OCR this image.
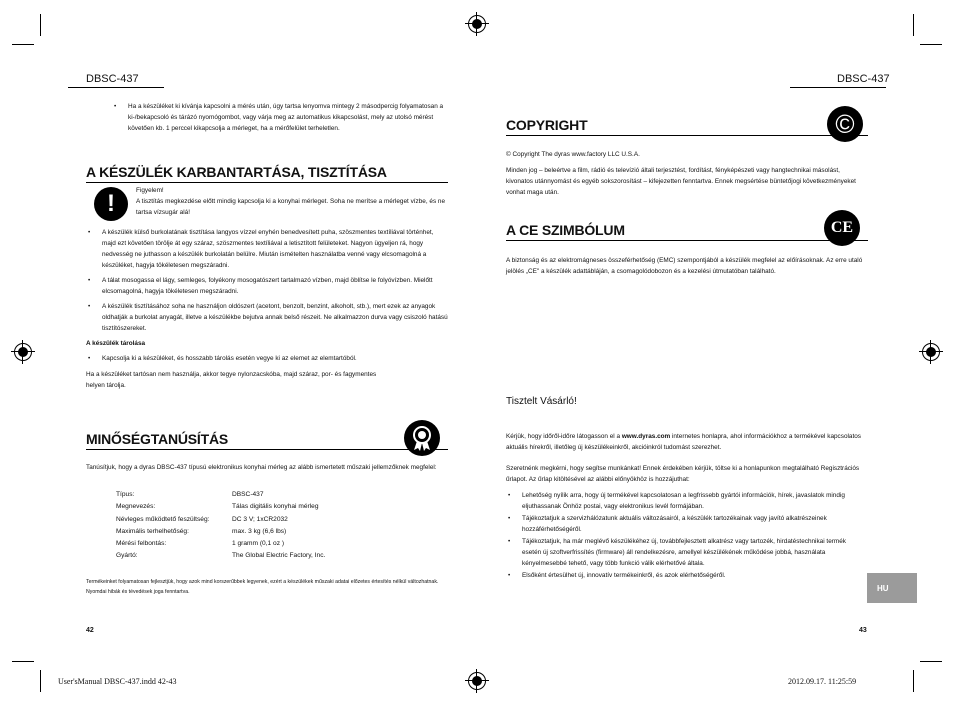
DBSC-437
• Ha a készüléket ki kívánja kapcsolni a mérés után, úgy tartsa lenyomva mintegy 2 másodpercig folyamatosan a ki-/bekapcsoló és tárázó nyomógombot, vagy várja meg az automatikus kikapcsolást, mely az utolsó mérést követően kb. 1 perccel kikapcsolja a mérleget, ha a mérőfelület terheletlen.
A KÉSZÜLÉK KARBANTARTÁSA, TISZTÍTÁSA
!	Figyelem!
A tisztítás megkezdése előtt mindig kapcsolja ki a konyhai mérleget. Soha ne merítse a mérleget vízbe, és ne tartsa vízsugár alá!
• A készülék külső burkolatának tisztítása langyos vízzel enyhén benedvesített puha, szöszmentes textíliával történhet, majd ezt követően törölje át egy száraz, szöszmentes textíliával a letisztított felületeket. Nagyon ügyeljen rá, hogy nedvesség ne juthasson a készülék burkolatán belülre. Miután ismételten használatba venné vagy elcsomagolná a készüléket, hagyja tökéletesen megszáradni.
• A tálat mosogassa el lágy, semleges, folyékony mosogatószert tartalmazó vízben, majd öblítse le folyóvízben. Mielőtt elcsomagolná, hagyja tökéletesen megszáradni.
• A készülék tisztításához soha ne használjon oldószert (acetont, benzolt, benzint, alkoholt, stb.), mert ezek az anyagok oldhatják a burkolat anyagát, illetve a készülékbe bejutva annak belső részeit. Ne alkalmazzon durva vagy csiszoló hatású tisztítószereket.
A készülék tárolása
• Kapcsolja ki a készüléket, és hosszabb tárolás esetén vegye ki az elemet az elemtartóból.
Ha a készüléket tartósan nem használja, akkor tegye nylonzacskóba, majd száraz, por- és fagymentes helyen tárolja.
MINŐSÉGTANÚSÍTÁS
Tanúsítjuk, hogy a dyras DBSC-437 típusú elektronikus konyhai mérleg az alább ismertetett műszaki jellemzőknek megfelel:
Típus:	DBSC-437
Megnevezés:	Tálas digitális konyhai mérleg
Névleges működtető feszültség:	DC 3 V; 1xCR2032
Maximális terhelhetőség:	max. 3 kg (6,6 lbs)
Mérési felbontás:	1 gramm (0,1 oz )
Gyártó:	The Global Electric Factory, Inc.
Termékeinket folyamatosan fejlesztjük, hogy azok mind korszerűbbek legyenek, ezért a készülékek műszaki adatai előzetes értesítés nélkül változhatnak. Nyomdai hibák és tévedések joga fenntartva.
42
DBSC-437
COPYRIGHT	©
© Copyright The dyras www.factory LLC U.S.A.
Minden jog – beleértve a film, rádió és televízió általi terjesztést, fordítást, fényképészeti vagy hangtechnikai másolást, kivonatos utánnyomást és egyéb sokszorosítást – kifejezetten fenntartva. Ennek megsértése büntetőjogi következményeket vonhat maga után.
A CE SZIMBÓLUM	CE
A biztonság és az elektromágneses összeférhetőség (EMC) szempontjából a készülék megfelel az előírásoknak. Az erre utaló jelölés „CE" a készülék adattábláján, a csomagolódobozon és a kezelési útmutatóban található.
Tisztelt Vásárló!
Kérjük, hogy időről-időre látogasson el a www.dyras.com internetes honlapra, ahol információkhoz a termékével kapcsolatos aktuális hírekről, illetőleg új készülékeinkről, akcióinkról tudomást szerezhet.
Szeretnénk megkérni, hogy segítse munkánkat! Ennek érdekében kérjük, töltse ki a honlapunkon megtalálható Regisztrációs űrlapot. Az űrlap kitöltésével az alábbi előnyökhöz is hozzájuthat:
• Lehetőség nyílik arra, hogy új termékével kapcsolatosan a legfrissebb gyártói információk, hírek, javaslatok mindig eljuthassanak Önhöz postai, vagy elektronikus levél formájában.
• Tájékoztatjuk a szervizhálózatunk aktuális változásairól, a készülék tartozékainak vagy javító alkatrészeinek hozzáférhetőségéről.
• Tájékoztatjuk, ha már meglévő készülékéhez új, továbbfejlesztett alkatrész vagy tartozék, hirdatéstechnikai termék esetén új szoftverfrissítés (firmware) áll rendelkezésre, amellyel készülékének működése jobbá, használata kényelmesebbé tehető, vagy több funkció válik elérhetővé általa.
• Elsőként értesülhet új, innovatív termékeinkről, és azok elérhetőségéről.
HU
43
User'sManual DBSC-437.indd 42-43	2012.09.17. 11:25:59
